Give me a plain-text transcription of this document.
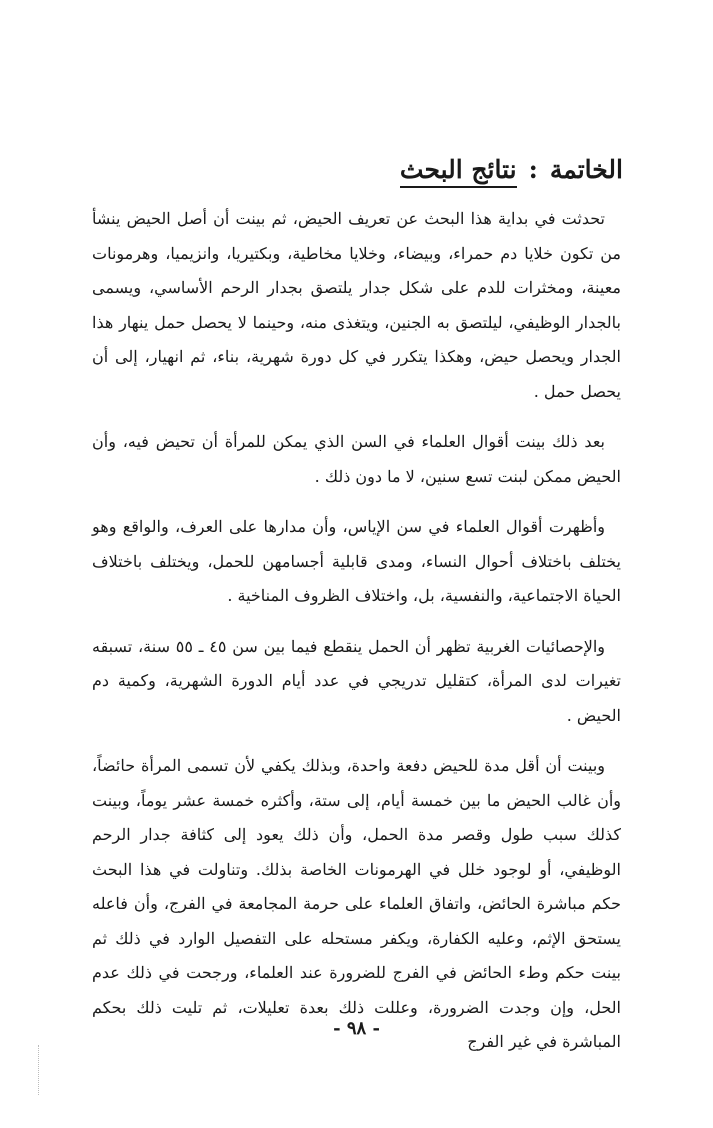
الخاتمة:نتائج البحث

تحدثت في بداية هذا البحث عن تعريف الحيض، ثم بينت أن أصل الحيض ينشأ من تكون خلايا دم حمراء، وبيضاء، وخلايا مخاطية، وبكتيريا، وانزيميا، وهرمونات معينة، ومخثرات للدم على شكل جدار يلتصق بجدار الرحم الأساسي، ويسمى بالجدار الوظيفي، ليلتصق به الجنين، ويتغذى منه، وحينما لا يحصل حمل ينهار هذا الجدار ويحصل حيض، وهكذا يتكرر في كل دورة شهرية، بناء، ثم انهيار، إلى أن يحصل حمل .

بعد ذلك بينت أقوال العلماء في السن الذي يمكن للمرأة أن تحيض فيه، وأن الحيض ممكن لبنت تسع سنين، لا ما دون ذلك .

وأظهرت أقوال العلماء في سن الإياس، وأن مدارها على العرف، والواقع وهو يختلف باختلاف أحوال النساء، ومدى قابلية أجسامهن للحمل، ويختلف باختلاف الحياة الاجتماعية، والنفسية، بل، واختلاف الظروف المناخية .

والإحصائيات الغربية تظهر أن الحمل ينقطع فيما بين سن ٤٥ ـ ٥٥ سنة، تسبقه تغيرات لدى المرأة، كتقليل تدريجي في عدد أيام الدورة الشهرية، وكمية دم الحيض .

وبينت أن أقل مدة للحيض دفعة واحدة، وبذلك يكفي لأن تسمى المرأة حائضاً، وأن غالب الحيض ما بين خمسة أيام، إلى ستة، وأكثره خمسة عشر يوماً، وبينت كذلك سبب طول وقصر مدة الحمل، وأن ذلك يعود إلى كثافة جدار الرحم الوظيفي، أو لوجود خلل في الهرمونات الخاصة بذلك. وتناولت في هذا البحث حكم مباشرة الحائض، واتفاق العلماء على حرمة المجامعة في الفرج، وأن فاعله يستحق الإثم، وعليه الكفارة، ويكفر مستحله على التفصيل الوارد في ذلك ثم بينت حكم وطء الحائض في الفرج للضرورة عند العلماء، ورجحت في ذلك عدم الحل، وإن وجدت الضرورة، وعللت ذلك بعدة تعليلات، ثم تليت ذلك بحكم المباشرة في غير الفرج

- ٩٨ -
